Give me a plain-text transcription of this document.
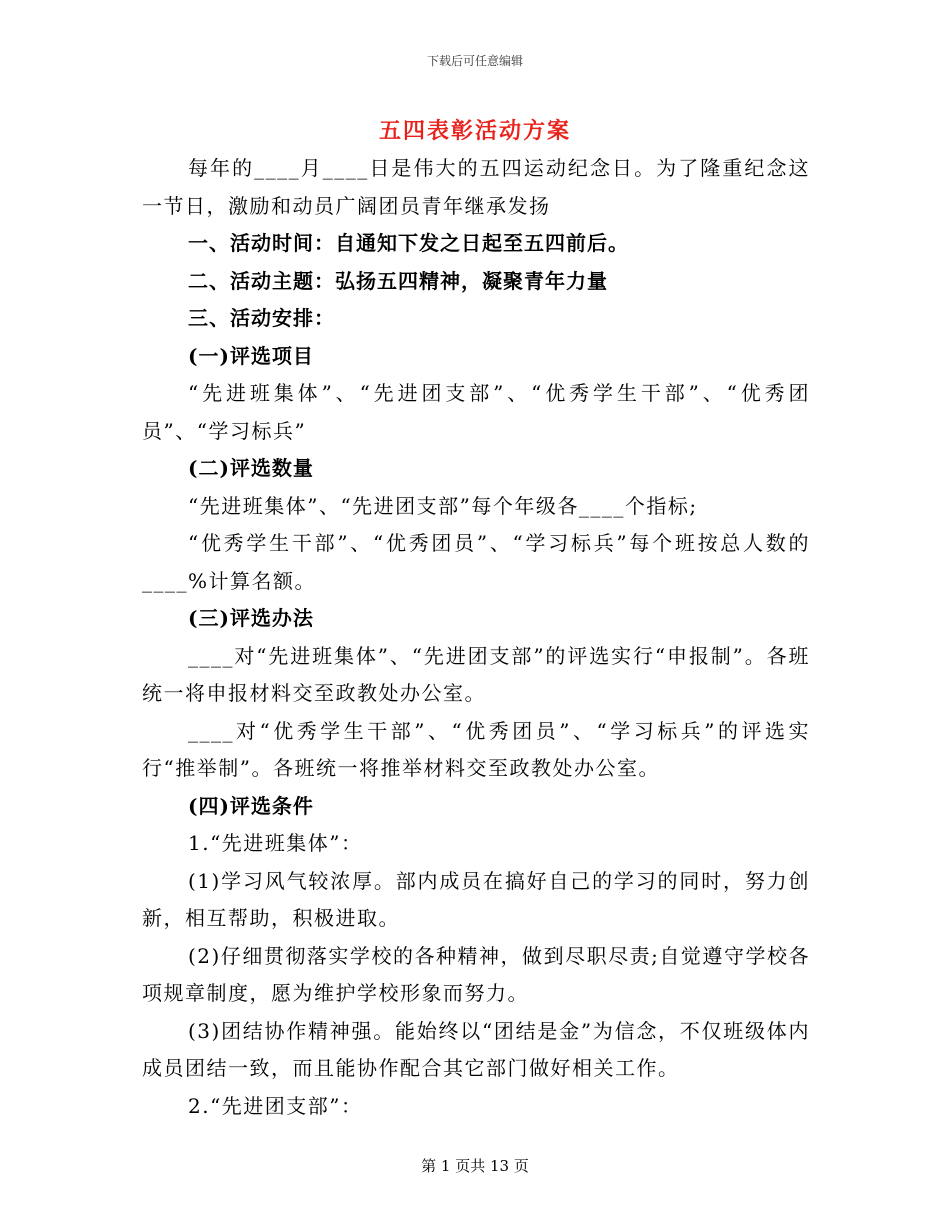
下载后可任意编辑
五四表彰活动方案

每年的____月____日是伟大的五四运动纪念日。为了隆重纪念这一节日，激励和动员广阔团员青年继承发扬

一、活动时间：自通知下发之日起至五四前后。

二、活动主题：弘扬五四精神，凝聚青年力量

三、活动安排：

(一)评选项目

“先进班集体”、“先进团支部”、“优秀学生干部”、“优秀团员”、“学习标兵”

(二)评选数量

“先进班集体”、“先进团支部”每个年级各____个指标;

“优秀学生干部”、“优秀团员”、“学习标兵”每个班按总人数的____%计算名额。

(三)评选办法

____对“先进班集体”、“先进团支部”的评选实行“申报制”。各班统一将申报材料交至政教处办公室。

____对“优秀学生干部”、“优秀团员”、“学习标兵”的评选实行“推举制”。各班统一将推举材料交至政教处办公室。

(四)评选条件

1.“先进班集体”：

(1)学习风气较浓厚。部内成员在搞好自己的学习的同时，努力创新，相互帮助，积极进取。

(2)仔细贯彻落实学校的各种精神，做到尽职尽责;自觉遵守学校各项规章制度，愿为维护学校形象而努力。

(3)团结协作精神强。能始终以“团结是金”为信念，不仅班级体内成员团结一致，而且能协作配合其它部门做好相关工作。

2.“先进团支部”：

第 1 页共 13 页
